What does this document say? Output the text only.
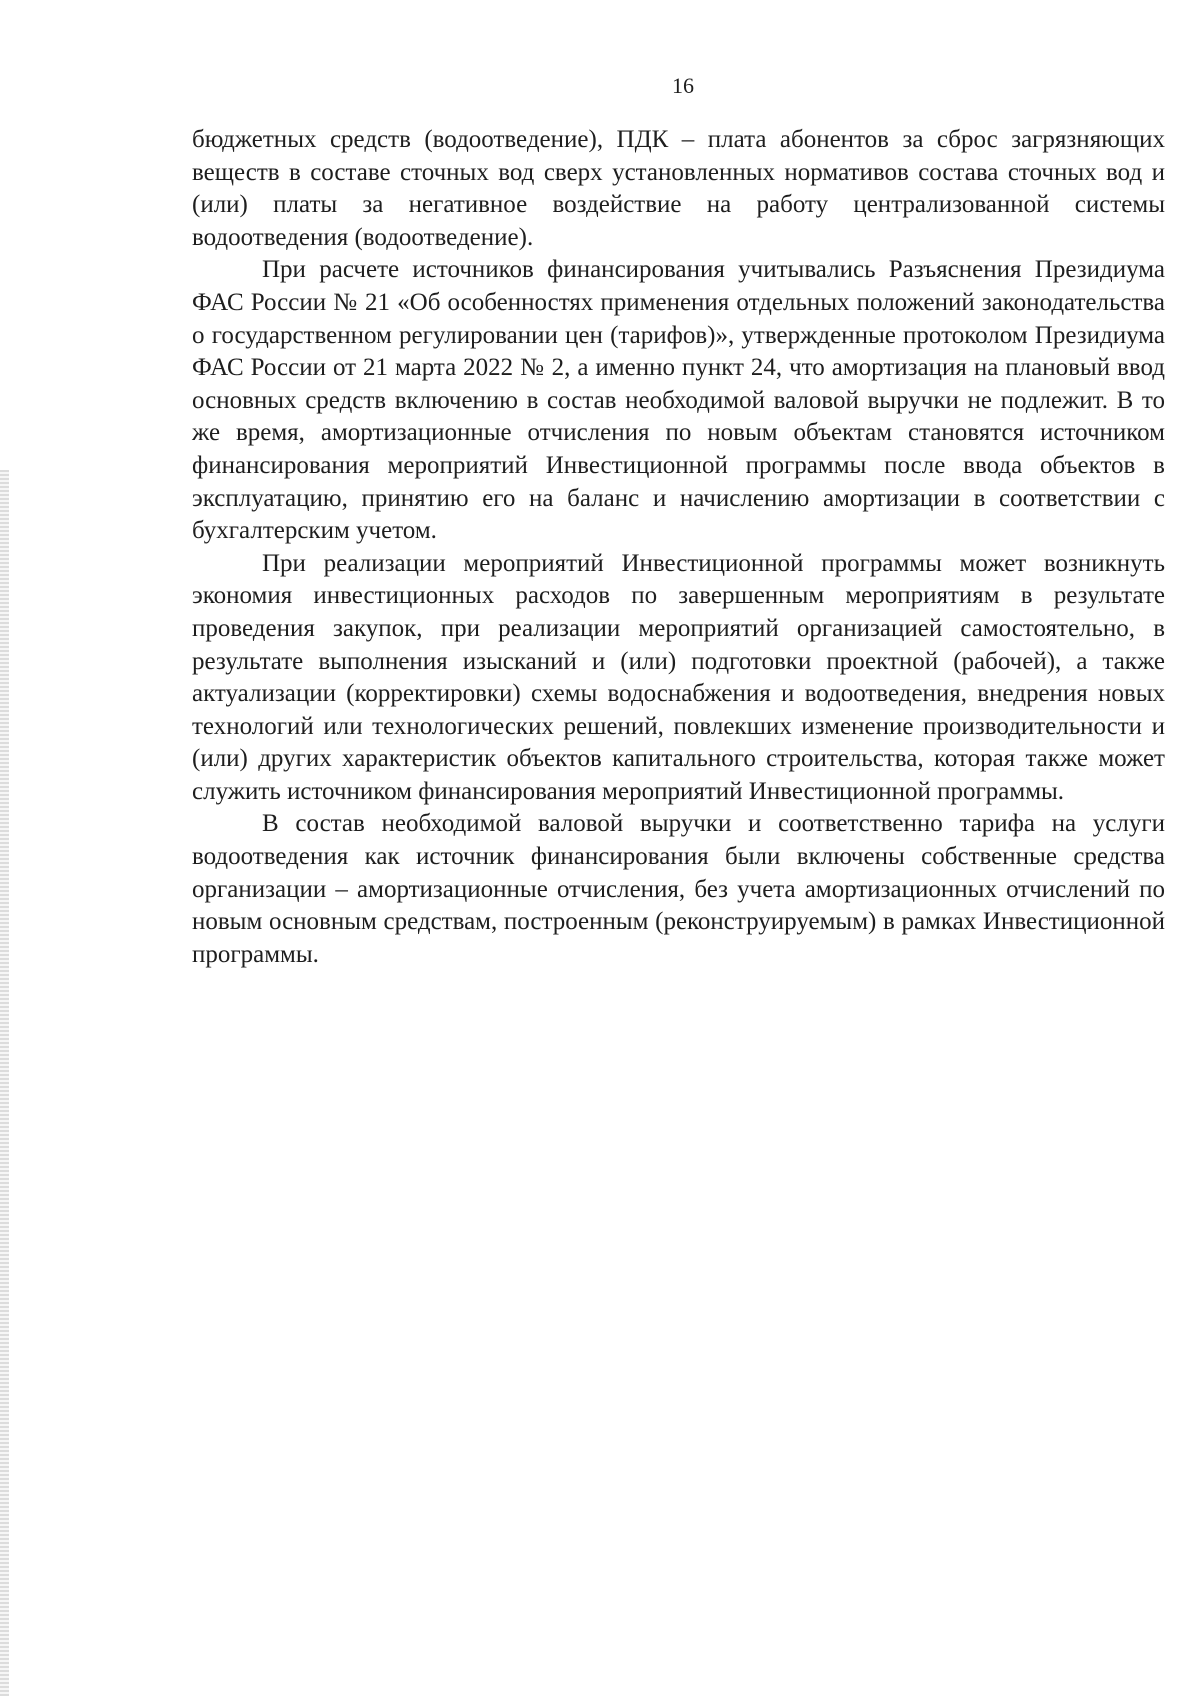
16

бюджетных средств (водоотведение), ПДК – плата абонентов за сброс загрязняющих веществ в составе сточных вод сверх установленных нормативов состава сточных вод и (или) платы за негативное воздействие на работу централизованной системы водоотведения (водоотведение).

При расчете источников финансирования учитывались Разъяснения Президиума ФАС России № 21 «Об особенностях применения отдельных положений законодательства о государственном регулировании цен (тарифов)», утвержденные протоколом Президиума ФАС России от 21 марта 2022 № 2, а именно пункт 24, что амортизация на плановый ввод основных средств включению в состав необходимой валовой выручки не подлежит. В то же время, амортизационные отчисления по новым объектам становятся источником финансирования мероприятий Инвестиционной программы после ввода объектов в эксплуатацию, принятию его на баланс и начислению амортизации в соответствии с бухгалтерским учетом.

При реализации мероприятий Инвестиционной программы может возникнуть экономия инвестиционных расходов по завершенным мероприятиям в результате проведения закупок, при реализации мероприятий организацией самостоятельно, в результате выполнения изысканий и (или) подготовки проектной (рабочей), а также актуализации (корректировки) схемы водоснабжения и водоотведения, внедрения новых технологий или технологических решений, повлекших изменение производительности и (или) других характеристик объектов капитального строительства, которая также может служить источником финансирования мероприятий Инвестиционной программы.

В состав необходимой валовой выручки и соответственно тарифа на услуги водоотведения как источник финансирования были включены собственные средства организации – амортизационные отчисления, без учета амортизационных отчислений по новым основным средствам, построенным (реконструируемым) в рамках Инвестиционной программы.
